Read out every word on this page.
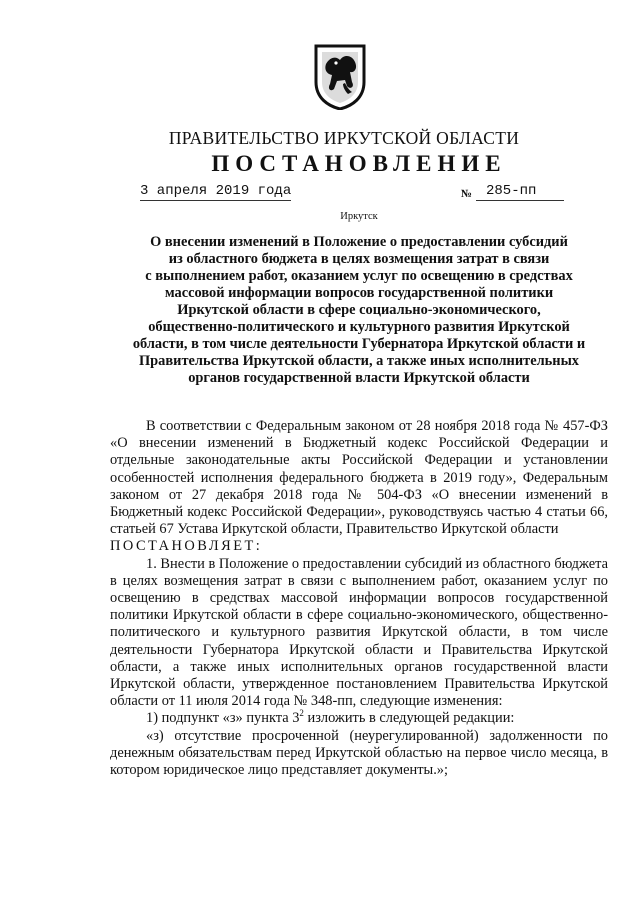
ПРАВИТЕЛЬСТВО ИРКУТСКОЙ ОБЛАСТИ
ПОСТАНОВЛЕНИЕ
3 апреля 2019 года	№ 285-пп
Иркутск
О внесении изменений в Положение о предоставлении субсидий
из областного бюджета в целях возмещения затрат в связи
с выполнением работ, оказанием услуг по освещению в средствах
массовой информации вопросов государственной политики
Иркутской области в сфере социально-экономического,
общественно-политического и культурного развития Иркутской
области, в том числе деятельности Губернатора Иркутской области и
Правительства Иркутской области, а также иных исполнительных
органов государственной власти Иркутской области

В соответствии с Федеральным законом от 28 ноября 2018 года № 457-ФЗ «О внесении изменений в Бюджетный кодекс Российской Федерации и отдельные законодательные акты Российской Федерации и установлении особенностей исполнения федерального бюджета в 2019 году», Федеральным законом от 27 декабря 2018 года № 504-ФЗ «О внесении изменений в Бюджетный кодекс Российской Федерации», руководствуясь частью 4 статьи 66, статьей 67 Устава Иркутской области, Правительство Иркутской области

ПОСТАНОВЛЯЕТ:

1. Внести в Положение о предоставлении субсидий из областного бюджета в целях возмещения затрат в связи с выполнением работ, оказанием услуг по освещению в средствах массовой информации вопросов государственной политики Иркутской области в сфере социально-экономического, общественно-политического и культурного развития Иркутской области, в том числе деятельности Губернатора Иркутской области и Правительства Иркутской области, а также иных исполнительных органов государственной власти Иркутской области, утвержденное постановлением Правительства Иркутской области от 11 июля 2014 года № 348-пп, следующие изменения:

1) подпункт «з» пункта $3^2$ изложить в следующей редакции:

«з) отсутствие просроченной (неурегулированной) задолженности по денежным обязательствам перед Иркутской областью на первое число месяца, в котором юридическое лицо представляет документы.»;
